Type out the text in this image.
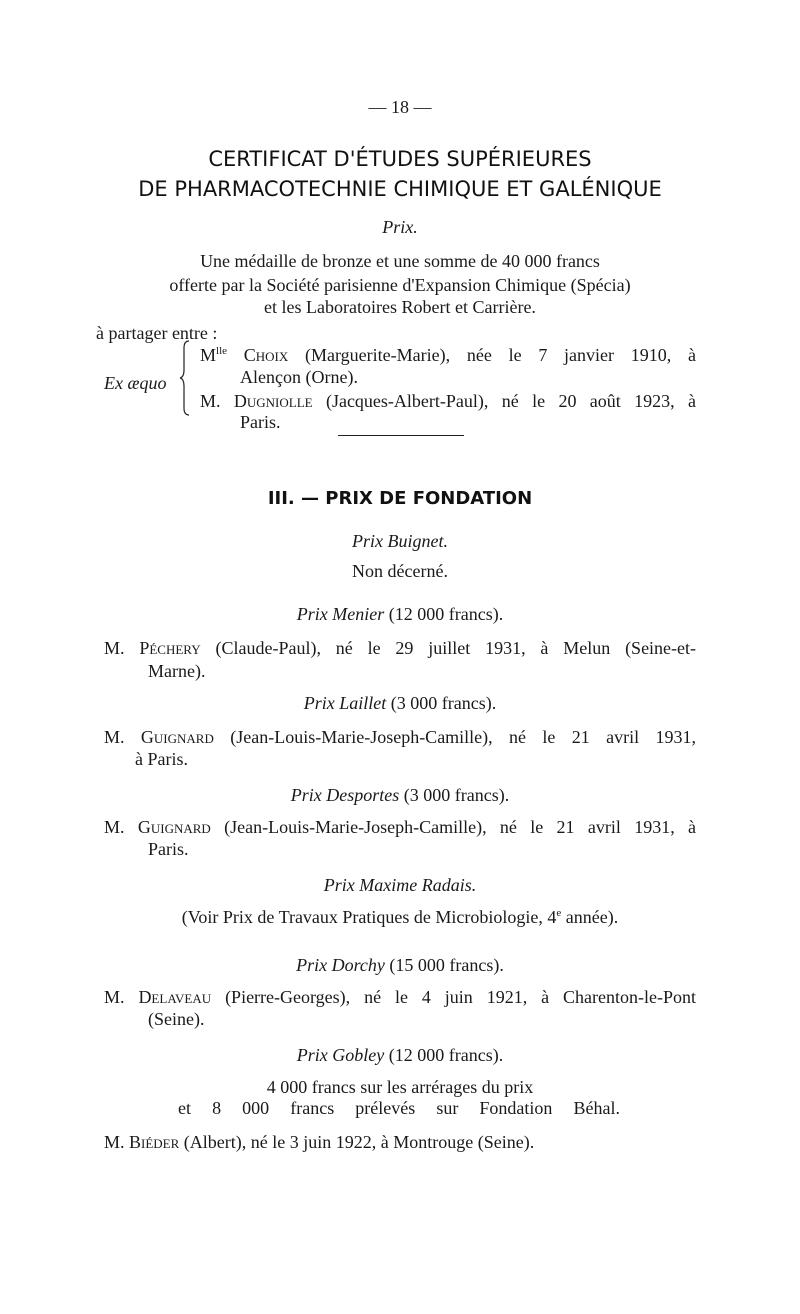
— 18 —
CERTIFICAT D'ÉTUDES SUPÉRIEURES
DE PHARMACOTECHNIE CHIMIQUE ET GALÉNIQUE
Prix.
Une médaille de bronze et une somme de 40 000 francs
offerte par la Société parisienne d'Expansion Chimique (Spécia)
et les Laboratoires Robert et Carrière.
à partager entre :
Ex æquo
$M^{lle}$ Choix (Marguerite-Marie), née le 7 janvier 1910, à
Alençon (Orne).
M. Dugniolle (Jacques-Albert-Paul), né le 20 août 1923, à
Paris.
III. — PRIX DE FONDATION
Prix Buignet.
Non décerné.
Prix Menier (12 000 francs).
M. Péchery (Claude-Paul), né le 29 juillet 1931, à Melun (Seine-et-
Marne).
Prix Laillet (3 000 francs).
M. Guignard (Jean-Louis-Marie-Joseph-Camille), né le 21 avril 1931,
à Paris.
Prix Desportes (3 000 francs).
M. Guignard (Jean-Louis-Marie-Joseph-Camille), né le 21 avril 1931, à
Paris.
Prix Maxime Radais.
(Voir Prix de Travaux Pratiques de Microbiologie, 4e année).
Prix Dorchy (15 000 francs).
M. Delaveau (Pierre-Georges), né le 4 juin 1921, à Charenton-le-Pont
(Seine).
Prix Gobley (12 000 francs).
4 000 francs sur les arrérages du prix
et 8 000 francs prélevés sur Fondation Béhal.
M. Biéder (Albert), né le 3 juin 1922, à Montrouge (Seine).
